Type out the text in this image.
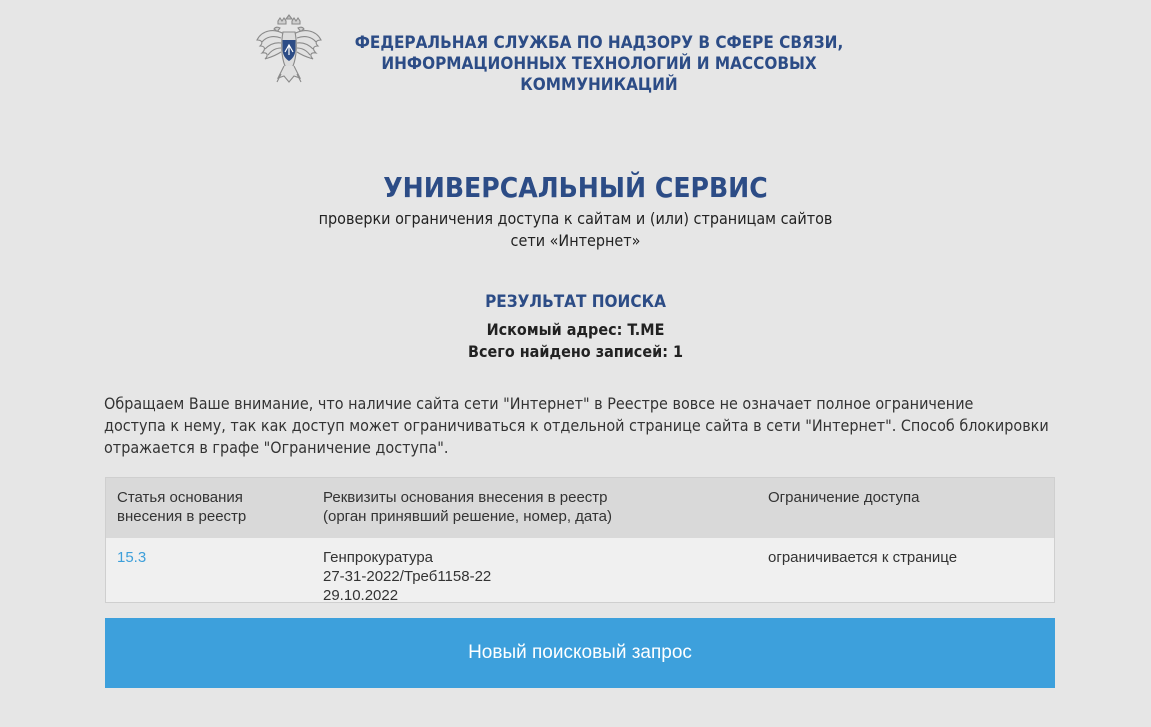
ФЕДЕРАЛЬНАЯ СЛУЖБА ПО НАДЗОРУ В СФЕРЕ СВЯЗИ,
ИНФОРМАЦИОННЫХ ТЕХНОЛОГИЙ И МАССОВЫХ КОММУНИКАЦИЙ
УНИВЕРСАЛЬНЫЙ СЕРВИС
проверки ограничения доступа к сайтам и (или) страницам сайтов
сети «Интернет»
РЕЗУЛЬТАТ ПОИСКА
Искомый адрес: T.ME
Всего найдено записей: 1
Обращаем Ваше внимание, что наличие сайта сети "Интернет" в Реестре вовсе не означает полное ограничение
доступа к нему, так как доступ может ограничиваться к отдельной странице сайта в сети "Интернет". Способ блокировки
отражается в графе "Ограничение доступа".
Статья основания
внесения в реестр
Реквизиты основания внесения в реестр
(орган принявший решение, номер, дата)
Ограничение доступа
15.3	Генпрокуратура
27-31-2022/Треб1158-22
29.10.2022
ограничивается к странице
Новый поисковый запрос
